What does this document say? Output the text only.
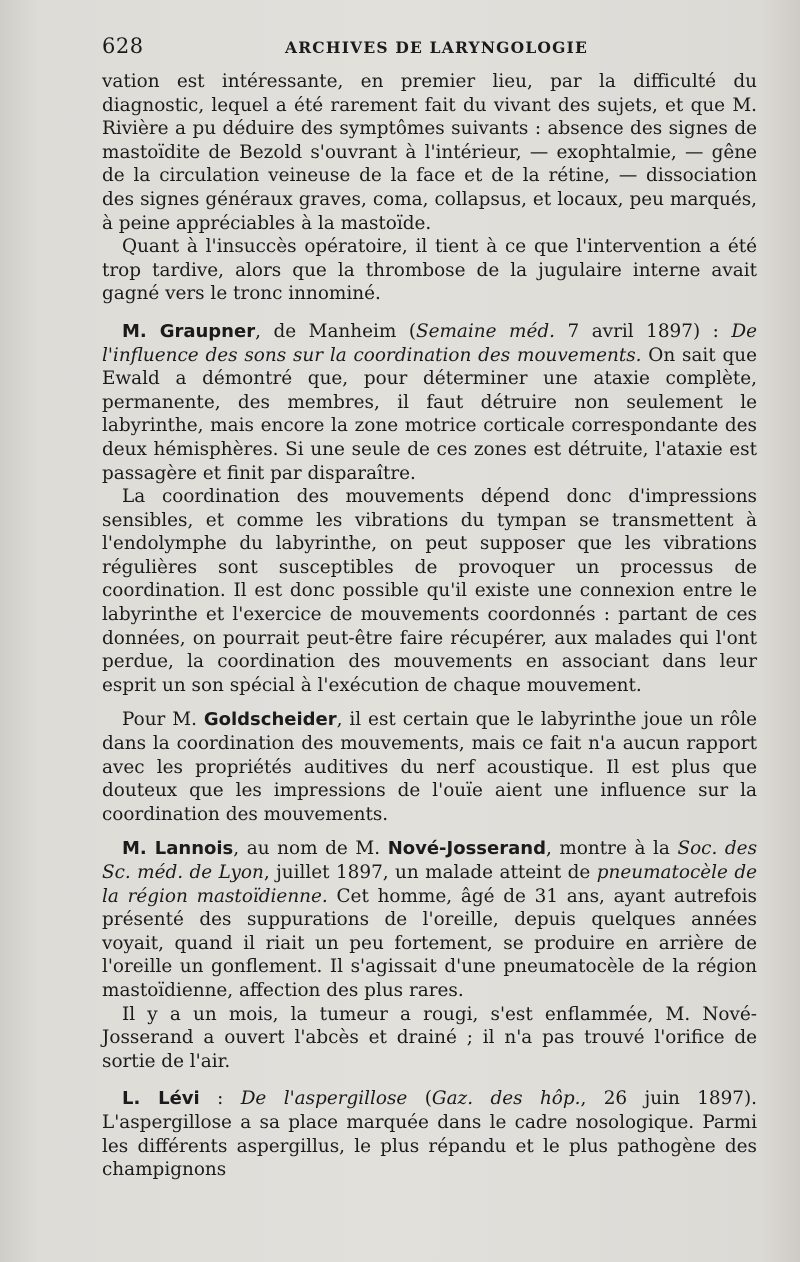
628	ARCHIVES DE LARYNGOLOGIE

vation est intéressante, en premier lieu, par la difficulté du diagnostic, lequel a été rarement fait du vivant des sujets, et que M. Rivière a pu déduire des symptômes suivants : absence des signes de mastoïdite de Bezold s'ouvrant à l'intérieur, — exophtalmie, — gêne de la circulation veineuse de la face et de la rétine, — dissociation des signes généraux graves, coma, collapsus, et locaux, peu marqués, à peine appréciables à la mastoïde.

Quant à l'insuccès opératoire, il tient à ce que l'intervention a été trop tardive, alors que la thrombose de la jugulaire interne avait gagné vers le tronc innominé.

M. Graupner, de Manheim (Semaine méd. 7 avril 1897) : De l'influence des sons sur la coordination des mouvements. On sait que Ewald a démontré que, pour déterminer une ataxie complète, permanente, des membres, il faut détruire non seulement le labyrinthe, mais encore la zone motrice corticale correspondante des deux hémisphères. Si une seule de ces zones est détruite, l'ataxie est passagère et finit par disparaître.

La coordination des mouvements dépend donc d'impressions sensibles, et comme les vibrations du tympan se transmettent à l'endolymphe du labyrinthe, on peut supposer que les vibrations régulières sont susceptibles de provoquer un processus de coordination. Il est donc possible qu'il existe une connexion entre le labyrinthe et l'exercice de mouvements coordonnés : partant de ces données, on pourrait peut-être faire récupérer, aux malades qui l'ont perdue, la coordination des mouvements en associant dans leur esprit un son spécial à l'exécution de chaque mouvement.

Pour M. Goldscheider, il est certain que le labyrinthe joue un rôle dans la coordination des mouvements, mais ce fait n'a aucun rapport avec les propriétés auditives du nerf acoustique. Il est plus que douteux que les impressions de l'ouïe aient une influence sur la coordination des mouvements.

M. Lannois, au nom de M. Nové-Josserand, montre à la Soc. des Sc. méd. de Lyon, juillet 1897, un malade atteint de pneumatocèle de la région mastoïdienne. Cet homme, âgé de 31 ans, ayant autrefois présenté des suppurations de l'oreille, depuis quelques années voyait, quand il riait un peu fortement, se produire en arrière de l'oreille un gonflement. Il s'agissait d'une pneumatocèle de la région mastoïdienne, affection des plus rares.

Il y a un mois, la tumeur a rougi, s'est enflammée, M. Nové-Josserand a ouvert l'abcès et drainé ; il n'a pas trouvé l'orifice de sortie de l'air.

L. Lévi : De l'aspergillose (Gaz. des hôp., 26 juin 1897). L'aspergillose a sa place marquée dans le cadre nosologique. Parmi les différents aspergillus, le plus répandu et le plus pathogène des champignons
